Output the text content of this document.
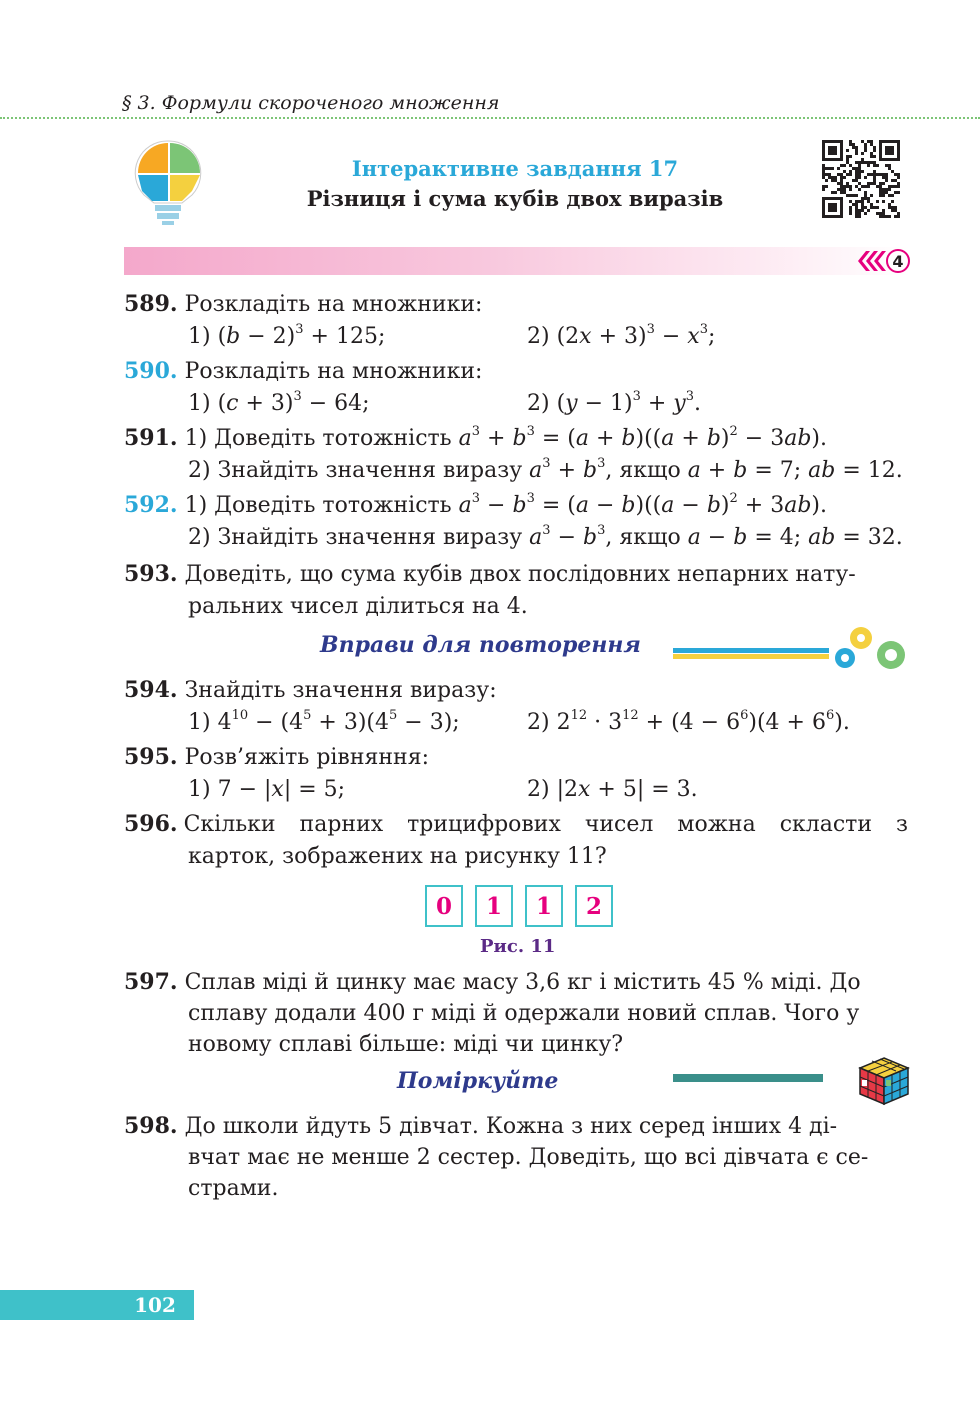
§ 3. Формули скороченого множення
Інтерактивне завдання 17
Різниця і сума кубів двох виразів
4
589. Розкладіть на множники:
1) $(b - 2)^3 + 125$;	2) $(2x + 3)^3 - x^3$;
590. Розкладіть на множники:
1) $(c + 3)^3 - 64$;	2) $(y - 1)^3 + y^3$.
591. 1) Доведіть тотожність $a^3 + b^3 = (a + b)((a + b)^2 - 3ab)$.
2) Знайдіть значення виразу $a^3 + b^3$, якщо a + b = 7; ab = 12.
592. 1) Доведіть тотожність $a^3 - b^3 = (a - b)((a - b)^2 + 3ab)$.
2) Знайдіть значення виразу $a^3 - b^3$, якщо a − b = 4; ab = 32.
593. Доведіть, що сума кубів двох послідовних непарних нату-
ральних чисел ділиться на 4.
Вправи для повторення
594. Знайдіть значення виразу:
1) $4^{10} - (4^5 + 3)(4^5 - 3)$;	2) $2^{12} \cdot 3^{12} + (4 - 6^6)(4 + 6^6)$.
595. Розв’яжіть рівняння:
1) 7 − |x| = 5;	2) |2x + 5| = 3.
596. Скільки парних трицифрових чисел можна скласти з
карток, зображених на рисунку 11?
0	1	1	2
Рис. 11
597. Сплав міді й цинку має масу 3,6 кг і містить 45 % міді. До
сплаву додали 400 г міді й одержали новий сплав. Чого у
новому сплаві більше: міді чи цинку?
Поміркуйте
598. До школи йдуть 5 дівчат. Кожна з них серед інших 4 ді-
вчат має не менше 2 сестер. Доведіть, що всі дівчата є се-
страми.
102
